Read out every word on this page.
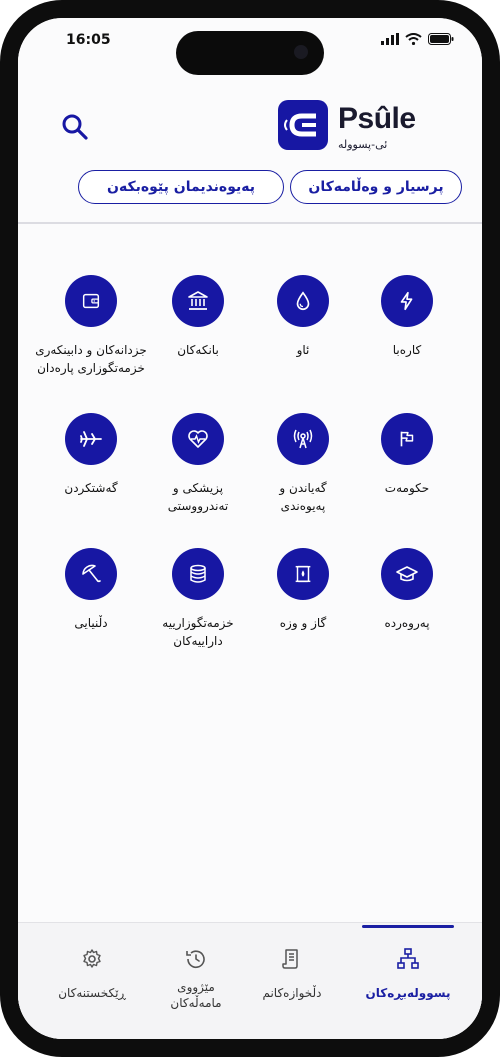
16:05
Psûle
ئی-پسوولە
پرسیار و وەڵامەکان
پەیوەندیمان پێوەبکەن
کارەبا
ئاو
بانکەکان
جزدانەکان و دابینکەری
خزمەتگوزاری پارەدان
حکومەت
گەیاندن و
پەیوەندی
پزیشکی و
تەندرووستی
گەشتکردن
پەروەردە
گاز و وزە
خزمەتگوزارییە
داراییەکان
دڵنیایی
پسوولەبڕەکان
دڵخوازەکانم
مێژووی
مامەڵەکان
ڕێکخستنەکان
